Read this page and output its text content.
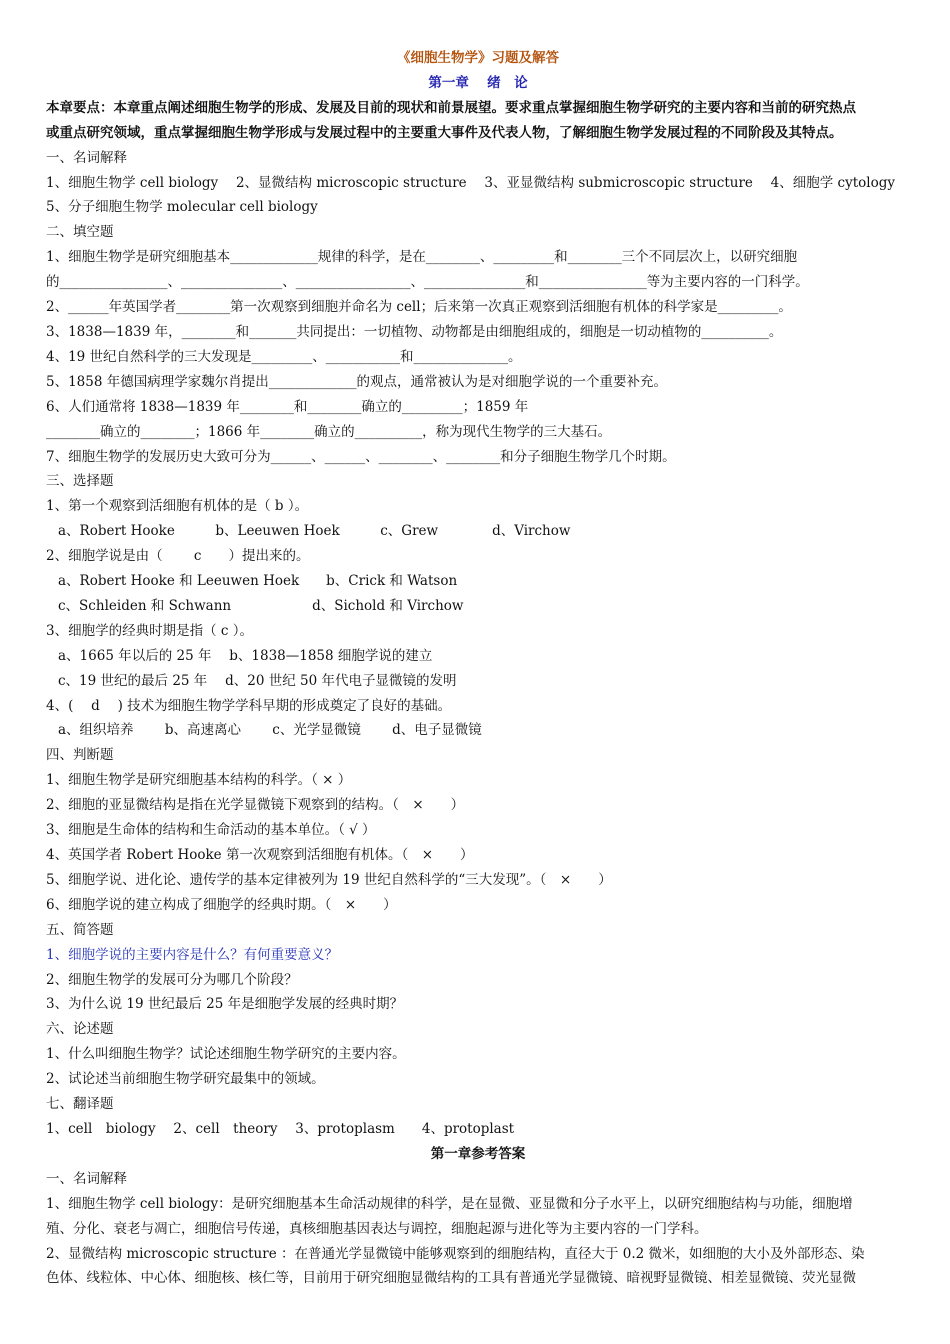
《细胞生物学》习题及解答
第一章　 绪　论
本章要点：本章重点阐述细胞生物学的形成、发展及目前的现状和前景展望。要求重点掌握细胞生物学研究的主要内容和当前的研究热点
或重点研究领域，重点掌握细胞生物学形成与发展过程中的主要重大事件及代表人物，了解细胞生物学发展过程的不同阶段及其特点。
一、名词解释
1、细胞生物学 cell biology　 2、显微结构 microscopic structure　 3、亚显微结构 submicroscopic structure　 4、细胞学 cytology
5、分子细胞生物学 molecular cell biology
二、填空题
1、细胞生物学是研究细胞基本_____________规律的科学，是在________、_________和________三个不同层次上，以研究细胞
的________________、_______________、_________________、_______________和________________等为主要内容的一门科学。
2、______年英国学者________第一次观察到细胞并命名为 cell；后来第一次真正观察到活细胞有机体的科学家是_________。
3、1838—1839 年，________和_______共同提出：一切植物、动物都是由细胞组成的，细胞是一切动植物的__________。
4、19 世纪自然科学的三大发现是_________、___________和______________。
5、1858 年德国病理学家魏尔肖提出_____________的观点，通常被认为是对细胞学说的一个重要补充。
6、人们通常将 1838—1839 年________和________确立的_________；1859 年
________确立的________；1866 年________确立的__________，称为现代生物学的三大基石。
7、细胞生物学的发展历史大致可分为______、______、________、________和分子细胞生物学几个时期。
三、选择题
1、第一个观察到活细胞有机体的是（ b ）。
a、Robert Hooke　　　b、Leeuwen Hoek　　　c、Grew　　　　d、Virchow
2、细胞学说是由（　　 c　　）提出来的。
a、Robert Hooke 和 Leeuwen Hoek　　b、Crick 和 Watson
c、Schleiden 和 Schwann　　　　　　d、Sichold 和 Virchow
3、细胞学的经典时期是指（ c ）。
a、1665 年以后的 25 年　 b、1838—1858 细胞学说的建立
c、19 世纪的最后 25 年　 d、20 世纪 50 年代电子显微镜的发明
4、(　 d　 ) 技术为细胞生物学学科早期的形成奠定了良好的基础。
a、组织培养　　 b、高速离心　　 c、光学显微镜　　 d、电子显微镜
四、判断题
1、细胞生物学是研究细胞基本结构的科学。（ × ）
2、细胞的亚显微结构是指在光学显微镜下观察到的结构。（　×　　）
3、细胞是生命体的结构和生命活动的基本单位。（ √ ）
4、英国学者 Robert Hooke 第一次观察到活细胞有机体。（　×　　）
5、细胞学说、进化论、遗传学的基本定律被列为 19 世纪自然科学的“三大发现”。（　×　　）
6、细胞学说的建立构成了细胞学的经典时期。（　×　　）
五、简答题
1、细胞学说的主要内容是什么？有何重要意义？
2、细胞生物学的发展可分为哪几个阶段？
3、为什么说 19 世纪最后 25 年是细胞学发展的经典时期？
六、论述题
1、什么叫细胞生物学？试论述细胞生物学研究的主要内容。
2、试论述当前细胞生物学研究最集中的领域。
七、翻译题
1、cell　biology　 2、cell　theory　 3、protoplasm　　4、protoplast
第一章参考答案
一、名词解释
1、细胞生物学 cell biology：是研究细胞基本生命活动规律的科学，是在显微、亚显微和分子水平上，以研究细胞结构与功能，细胞增
殖、分化、衰老与凋亡，细胞信号传递，真核细胞基因表达与调控，细胞起源与进化等为主要内容的一门学科。
2、显微结构 microscopic structure ：在普通光学显微镜中能够观察到的细胞结构，直径大于 0.2 微米，如细胞的大小及外部形态、染
色体、线粒体、中心体、细胞核、核仁等，目前用于研究细胞显微结构的工具有普通光学显微镜、暗视野显微镜、相差显微镜、荧光显微
